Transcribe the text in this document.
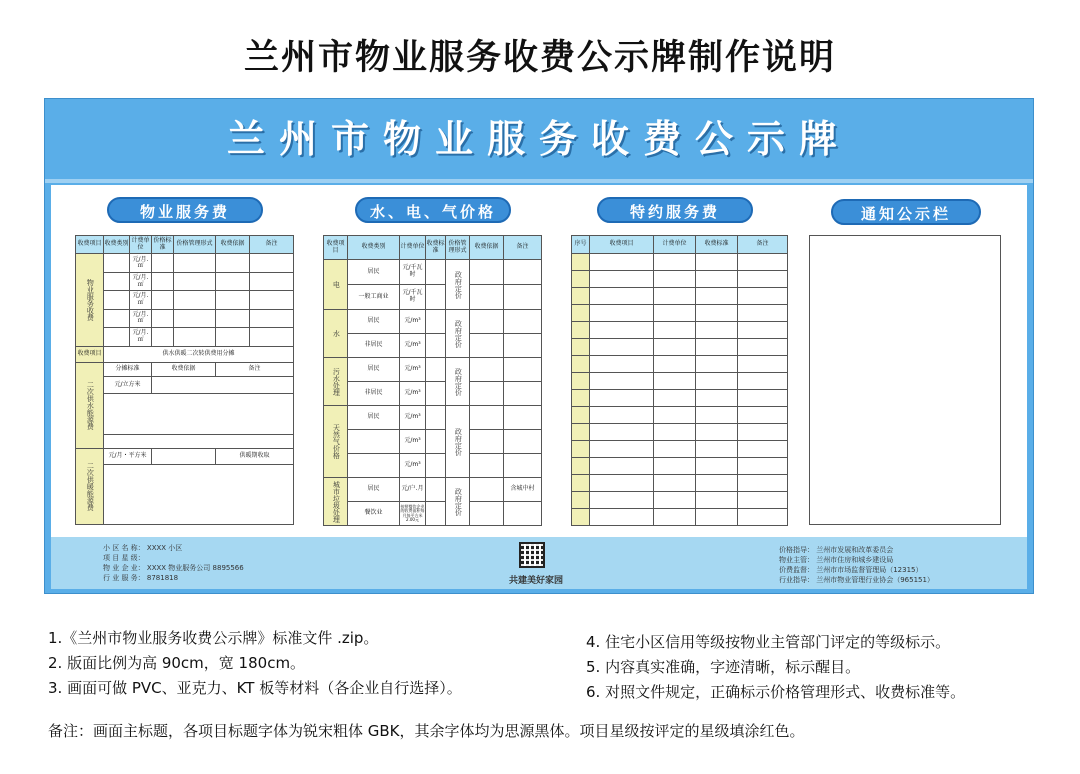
兰州市物业服务收费公示牌制作说明
兰州市物业服务收费公示牌
物业服务费
收费项目	收费类别	计费单位	价格标准	价格管理形式	收费依据	备注

物业服务收费		元/月.㎡				
		元/月.㎡				
		元/月.㎡				
		元/月.㎡				
		元/月.㎡				
收费项目	供水供暖二次转供费用分摊					

二次供水能源费	分摊标准		收费依据		备注	
	元/立方米					

二次供暖能源费	元/月・平方米				供暖期收取	

水、电、气价格
收费项目	收费类别	计费单位	收费标准	价格管理形式	收费依据	备注

电	居民	元/千瓦时		政府定价		

	一般工商业	元/千瓦时				

水	居民	元/m³		政府定价		

	非居民	元/m³				

污水处理	居民	元/m³		政府定价		

	非居民	元/m³				

天然气价格	居民	元/m³		政府定价		

		元/m³				
		元/m³				

城市垃圾处理	居民	元/户.月		政府定价		含城中村
	餐饮业	按照餐饮企业的收费面积每月每平方米2.00元				
特约服务费
序号	收费项目	计费单位	收费标准	备注

通知公示栏
小 区 名 称： XXXX 小区
项 目 星 级：
物 业 企 业： XXXX 物业服务公司 8895566
行 业 服 务： 8781818	共建美好家园
价格指导： 兰州市发展和改革委员会
物业主管： 兰州市住房和城乡建设局
价费监督： 兰州市市场监督管理局（12315）
行业指导： 兰州市物业管理行业协会（965151）
1.《兰州市物业服务收费公示牌》标准文件 .zip。
2. 版面比例为高 90cm，宽 180cm。
3. 画面可做 PVC、亚克力、KT 板等材料（各企业自行选择）。
4. 住宅小区信用等级按物业主管部门评定的等级标示。
5. 内容真实准确，字迹清晰，标示醒目。
6. 对照文件规定，正确标示价格管理形式、收费标准等。
备注：画面主标题，各项目标题字体为锐宋粗体 GBK，其余字体均为思源黑体。项目星级按评定的星级填涂红色。
